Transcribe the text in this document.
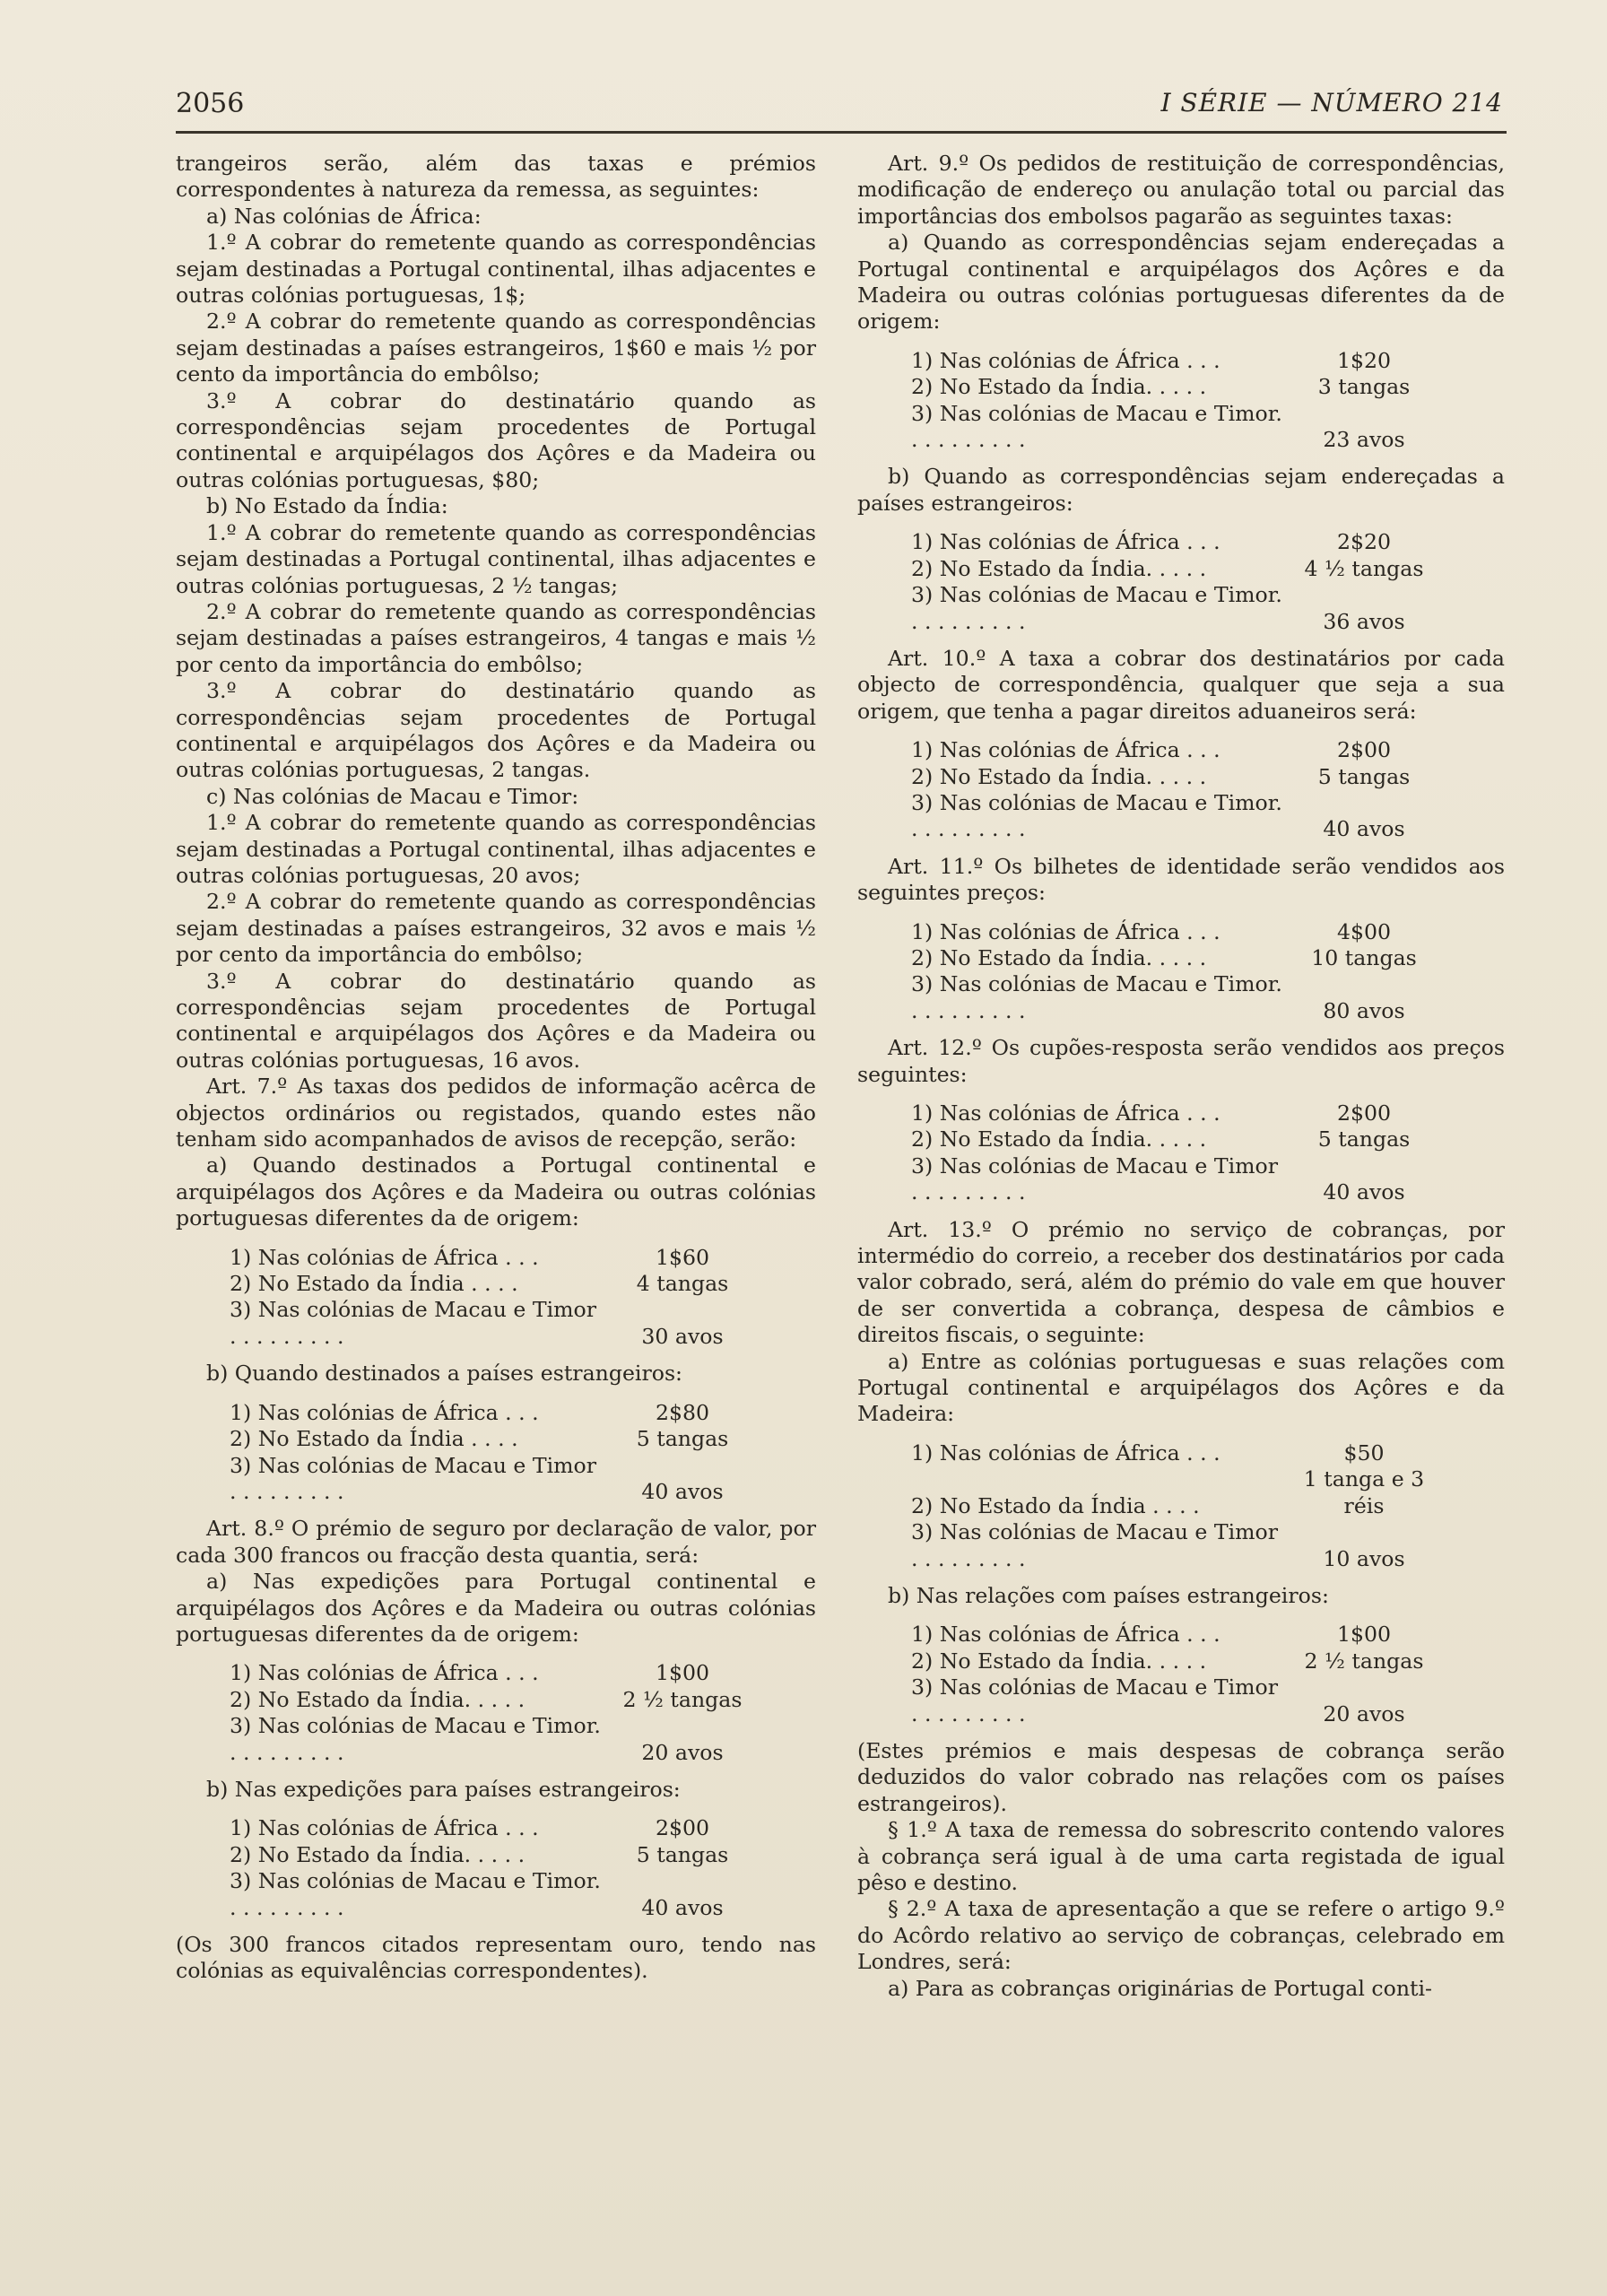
2056	I SÉRIE — NÚMERO 214

trangeiros serão, além das taxas e prémios correspondentes à natureza da remessa, as seguintes:

a) Nas colónias de África:

1.º A cobrar do remetente quando as correspondências sejam destinadas a Portugal continental, ilhas adjacentes e outras colónias portuguesas, 1$;

2.º A cobrar do remetente quando as correspondências sejam destinadas a países estrangeiros, 1$60 e mais ½ por cento da importância do embôlso;

3.º A cobrar do destinatário quando as correspondências sejam procedentes de Portugal continental e arquipélagos dos Açôres e da Madeira ou outras colónias portuguesas, $80;

b) No Estado da Índia:

1.º A cobrar do remetente quando as correspondências sejam destinadas a Portugal continental, ilhas adjacentes e outras colónias portuguesas, 2 ½ tangas;

2.º A cobrar do remetente quando as correspondências sejam destinadas a países estrangeiros, 4 tangas e mais ½ por cento da importância do embôlso;

3.º A cobrar do destinatário quando as correspondências sejam procedentes de Portugal continental e arquipélagos dos Açôres e da Madeira ou outras colónias portuguesas, 2 tangas.

c) Nas colónias de Macau e Timor:

1.º A cobrar do remetente quando as correspondências sejam destinadas a Portugal continental, ilhas adjacentes e outras colónias portuguesas, 20 avos;

2.º A cobrar do remetente quando as correspondências sejam destinadas a países estrangeiros, 32 avos e mais ½ por cento da importância do embôlso;

3.º A cobrar do destinatário quando as correspondências sejam procedentes de Portugal continental e arquipélagos dos Açôres e da Madeira ou outras colónias portuguesas, 16 avos.

Art. 7.º As taxas dos pedidos de informação acêrca de objectos ordinários ou registados, quando estes não tenham sido acompanhados de avisos de recepção, serão:

a) Quando destinados a Portugal continental e arquipélagos dos Açôres e da Madeira ou outras colónias portuguesas diferentes da de origem:

1) Nas colónias de África . . .	1$60
2) No Estado da Índia . . . .	4 tangas
3) Nas colónias de Macau e Timor . . . . . . . . .	30 avos

b) Quando destinados a países estrangeiros:

1) Nas colónias de África . . .	2$80
2) No Estado da Índia . . . .	5 tangas
3) Nas colónias de Macau e Timor . . . . . . . . .	40 avos

Art. 8.º O prémio de seguro por declaração de valor, por cada 300 francos ou fracção desta quantia, será:

a) Nas expedições para Portugal continental e arquipélagos dos Açôres e da Madeira ou outras colónias portuguesas diferentes da de origem:

1) Nas colónias de África . . .	1$00
2) No Estado da Índia. . . . .	2 ½ tangas
3) Nas colónias de Macau e Timor. . . . . . . . . .	20 avos

b) Nas expedições para países estrangeiros:

1) Nas colónias de África . . .	2$00
2) No Estado da Índia. . . . .	5 tangas
3) Nas colónias de Macau e Timor. . . . . . . . . .	40 avos

(Os 300 francos citados representam ouro, tendo nas colónias as equivalências correspondentes).

Art. 9.º Os pedidos de restituição de correspondências, modificação de endereço ou anulação total ou parcial das importâncias dos embolsos pagarão as seguintes taxas:

a) Quando as correspondências sejam endereçadas a Portugal continental e arquipélagos dos Açôres e da Madeira ou outras colónias portuguesas diferentes da de origem:

1) Nas colónias de África . . .	1$20
2) No Estado da Índia. . . . .	3 tangas
3) Nas colónias de Macau e Timor. . . . . . . . . .	23 avos

b) Quando as correspondências sejam endereçadas a países estrangeiros:

1) Nas colónias de África . . .	2$20
2) No Estado da Índia. . . . .	4 ½ tangas
3) Nas colónias de Macau e Timor. . . . . . . . . .	36 avos

Art. 10.º A taxa a cobrar dos destinatários por cada objecto de correspondência, qualquer que seja a sua origem, que tenha a pagar direitos aduaneiros será:

1) Nas colónias de África . . .	2$00
2) No Estado da Índia. . . . .	5 tangas
3) Nas colónias de Macau e Timor. . . . . . . . . .	40 avos

Art. 11.º Os bilhetes de identidade serão vendidos aos seguintes preços:

1) Nas colónias de África . . .	4$00
2) No Estado da Índia. . . . .	10 tangas
3) Nas colónias de Macau e Timor. . . . . . . . . .	80 avos

Art. 12.º Os cupões-resposta serão vendidos aos preços seguintes:

1) Nas colónias de África . . .	2$00
2) No Estado da Índia. . . . .	5 tangas
3) Nas colónias de Macau e Timor . . . . . . . . .	40 avos

Art. 13.º O prémio no serviço de cobranças, por intermédio do correio, a receber dos destinatários por cada valor cobrado, será, além do prémio do vale em que houver de ser convertida a cobrança, despesa de câmbios e direitos fiscais, o seguinte:

a) Entre as colónias portuguesas e suas relações com Portugal continental e arquipélagos dos Açôres e da Madeira:

1) Nas colónias de África . . .	$50
2) No Estado da Índia . . . .	1 tanga e 3 réis
3) Nas colónias de Macau e Timor . . . . . . . . .	10 avos

b) Nas relações com países estrangeiros:

1) Nas colónias de África . . .	1$00
2) No Estado da Índia. . . . .	2 ½ tangas
3) Nas colónias de Macau e Timor . . . . . . . . .	20 avos

(Estes prémios e mais despesas de cobrança serão deduzidos do valor cobrado nas relações com os países estrangeiros).

§ 1.º A taxa de remessa do sobrescrito contendo valores à cobrança será igual à de uma carta registada de igual pêso e destino.

§ 2.º A taxa de apresentação a que se refere o artigo 9.º do Acôrdo relativo ao serviço de cobranças, celebrado em Londres, será:

a) Para as cobranças originárias de Portugal conti-
